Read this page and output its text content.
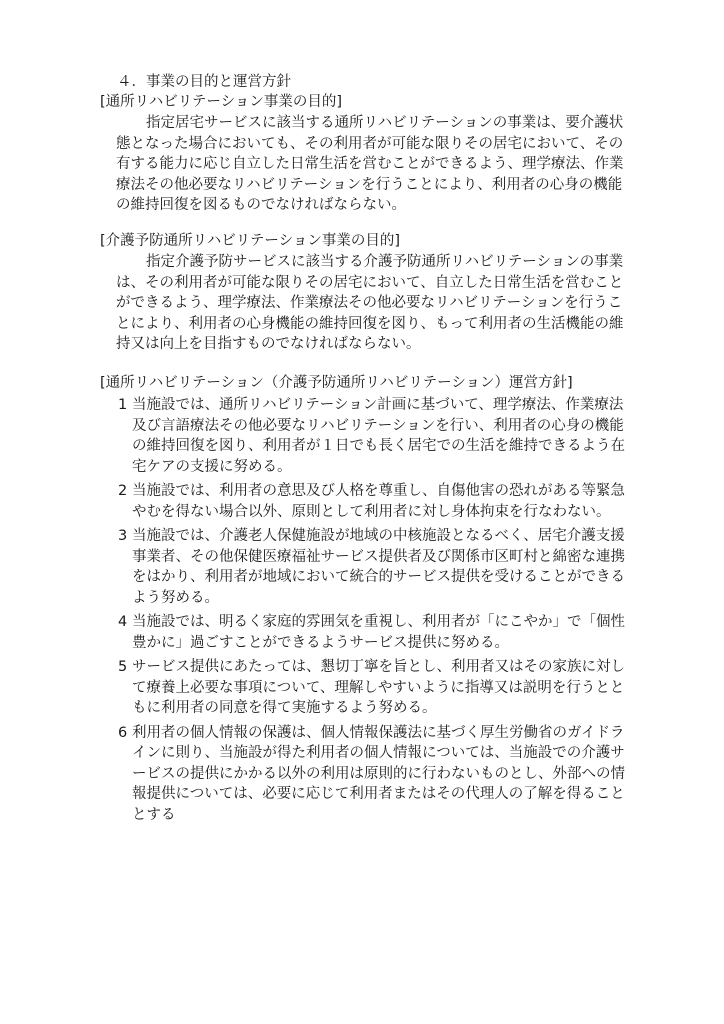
４．事業の目的と運営方針
[通所リハビリテーション事業の目的]

指定居宅サービスに該当する通所リハビリテーションの事業は、要介護状態となった場合においても、その利用者が可能な限りその居宅において、その有する能力に応じ自立した日常生活を営むことができるよう、理学療法、作業療法その他必要なリハビリテーションを行うことにより、利用者の心身の機能の維持回復を図るものでなければならない。

[介護予防通所リハビリテーション事業の目的]

指定介護予防サービスに該当する介護予防通所リハビリテーションの事業は、その利用者が可能な限りその居宅において、自立した日常生活を営むことができるよう、理学療法、作業療法その他必要なリハビリテーションを行うことにより、利用者の心身機能の維持回復を図り、もって利用者の生活機能の維持又は向上を目指すものでなければならない。

[通所リハビリテーション（介護予防通所リハビリテーション）運営方針]
1 当施設では、通所リハビリテーション計画に基づいて、理学療法、作業療法及び言語療法その他必要なリハビリテーションを行い、利用者の心身の機能の維持回復を図り、利用者が１日でも長く居宅での生活を維持できるよう在宅ケアの支援に努める。
2 当施設では、利用者の意思及び人格を尊重し、自傷他害の恐れがある等緊急やむを得ない場合以外、原則として利用者に対し身体拘束を行なわない。
3 当施設では、介護老人保健施設が地域の中核施設となるべく、居宅介護支援事業者、その他保健医療福祉サービス提供者及び関係市区町村と綿密な連携をはかり、利用者が地域において統合的サービス提供を受けることができるよう努める。
4 当施設では、明るく家庭的雰囲気を重視し、利用者が「にこやか」で「個性豊かに」過ごすことができるようサービス提供に努める。
5 サービス提供にあたっては、懇切丁寧を旨とし、利用者又はその家族に対して療養上必要な事項について、理解しやすいように指導又は説明を行うとともに利用者の同意を得て実施するよう努める。
6 利用者の個人情報の保護は、個人情報保護法に基づく厚生労働省のガイドラインに則り、当施設が得た利用者の個人情報については、当施設での介護サービスの提供にかかる以外の利用は原則的に行わないものとし、外部への情報提供については、必要に応じて利用者またはその代理人の了解を得ることとする
